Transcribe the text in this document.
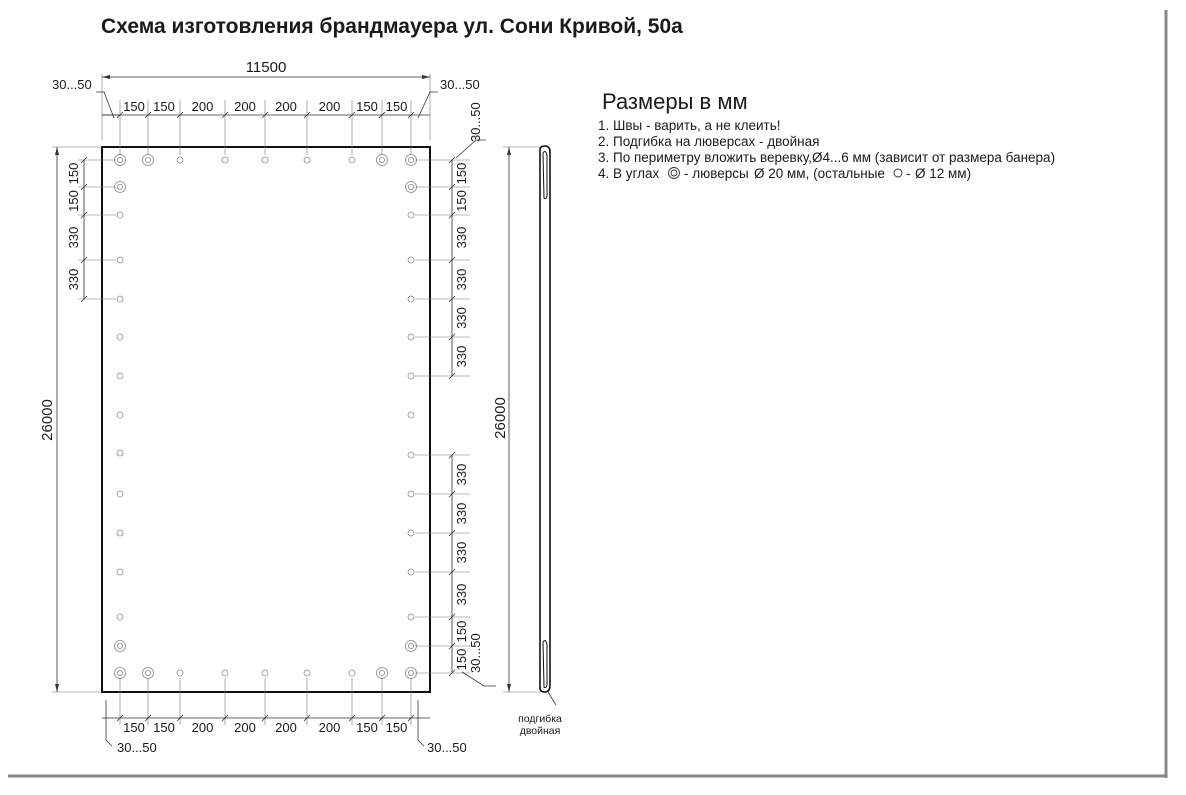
Схема изготовления брандмауера ул. Сони Кривой, 50а
11500
30...50	30...50
150 150 200 200 200 200 150 150
150 150 200 200 200 200 150 150
30...50	30...50
26000
150
150
330
330
150
150
330
330
330
330
330
330
330
330
150
150
30...50
30...50
26000
подгибка
двойная
Размеры в мм
1. Швы - варить, а не клеить!
2. Подгибка на люверсах - двойная
3. По периметру вложить веревку,Ø4...6 мм (зависит от размера банера)
4. В углах - люверсы Ø 20 мм, (остальные - Ø 12 мм)
